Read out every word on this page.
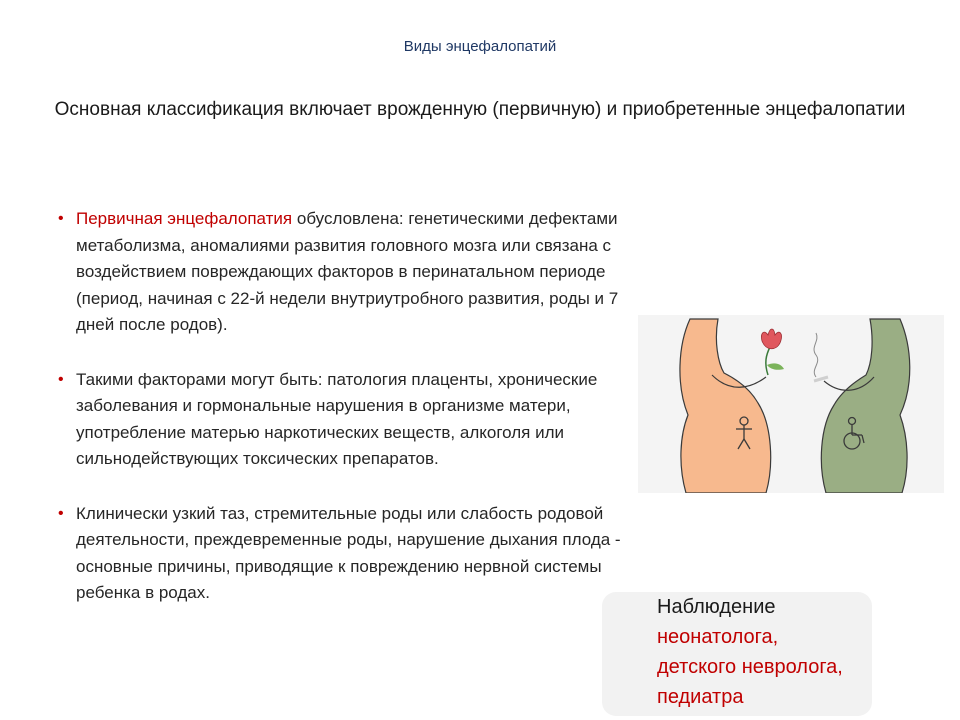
Виды энцефалопатий
Основная классификация включает врожденную (первичную) и приобретенные энцефалопатии
• Первичная энцефалопатия обусловлена: генетическими дефектами метаболизма, аномалиями развития головного мозга или связана с воздействием повреждающих факторов в перинатальном периоде (период, начиная с 22-й недели внутриутробного развития, роды и 7 дней после родов).
• Такими факторами могут быть: патология плаценты, хронические заболевания и гормональные нарушения в организме матери, употребление матерью наркотических веществ, алкоголя или сильнодействующих токсических препаратов.
• Клинически узкий таз, стремительные роды или слабость родовой деятельности, преждевременные роды, нарушение дыхания плода - основные причины, приводящие к повреждению нервной системы ребенка в родах.
Наблюдение
неонатолога,
детского невролога,
педиатра
